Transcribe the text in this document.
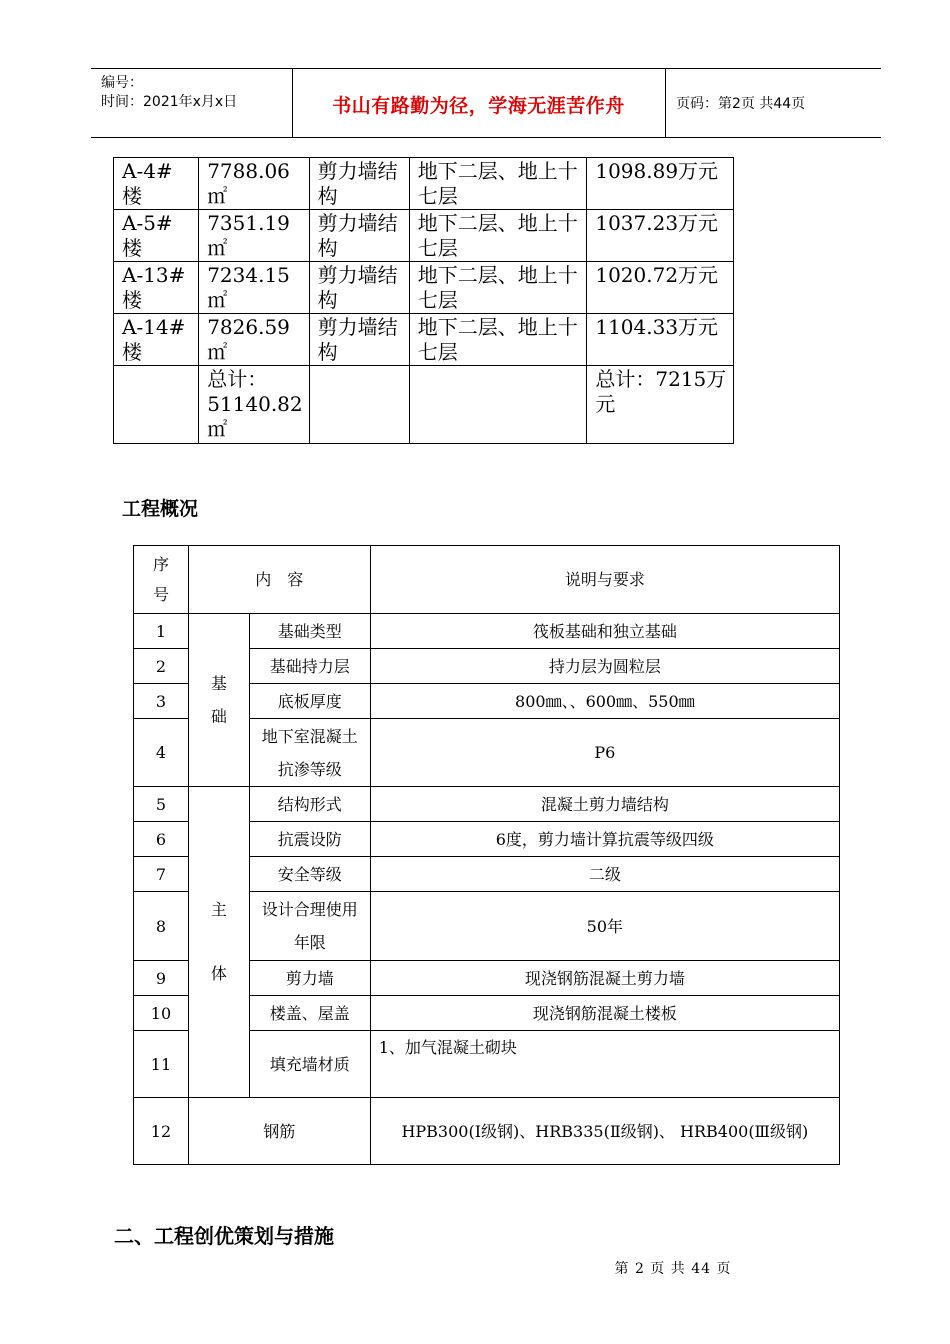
编号：
时间：2021年x月x日	书山有路勤为径，学海无涯苦作舟	页码：第2页 共44页
A-4#楼	7788.06㎡	剪力墙结构	地下二层、地上十七层	1098.89万元
A-5#楼	7351.19㎡	剪力墙结构	地下二层、地上十七层	1037.23万元
A-13#楼	7234.15㎡	剪力墙结构	地下二层、地上十七层	1020.72万元
A-14#楼	7826.59㎡	剪力墙结构	地下二层、地上十七层	1104.33万元
	总计：51140.82㎡			总计：7215万元
工程概况
序号	内　容		说明与要求
1	基础	基础类型	筏板基础和独立基础
2		基础持力层	持力层为圆粒层
3		底板厚度	800㎜、、600㎜、550㎜
4		地下室混凝土抗渗等级	P6
5	主体	结构形式	混凝土剪力墙结构
6		抗震设防	6度，剪力墙计算抗震等级四级
7		安全等级	二级
8		设计合理使用年限	50年
9		剪力墙	现浇钢筋混凝土剪力墙
10		楼盖、屋盖	现浇钢筋混凝土楼板
11		填充墙材质	1、加气混凝土砌块
12	钢筋		HPB300(Ⅰ级钢)、HRB335(Ⅱ级钢)、 HRB400(Ⅲ级钢)
二、工程创优策划与措施
第 2 页 共 44 页
